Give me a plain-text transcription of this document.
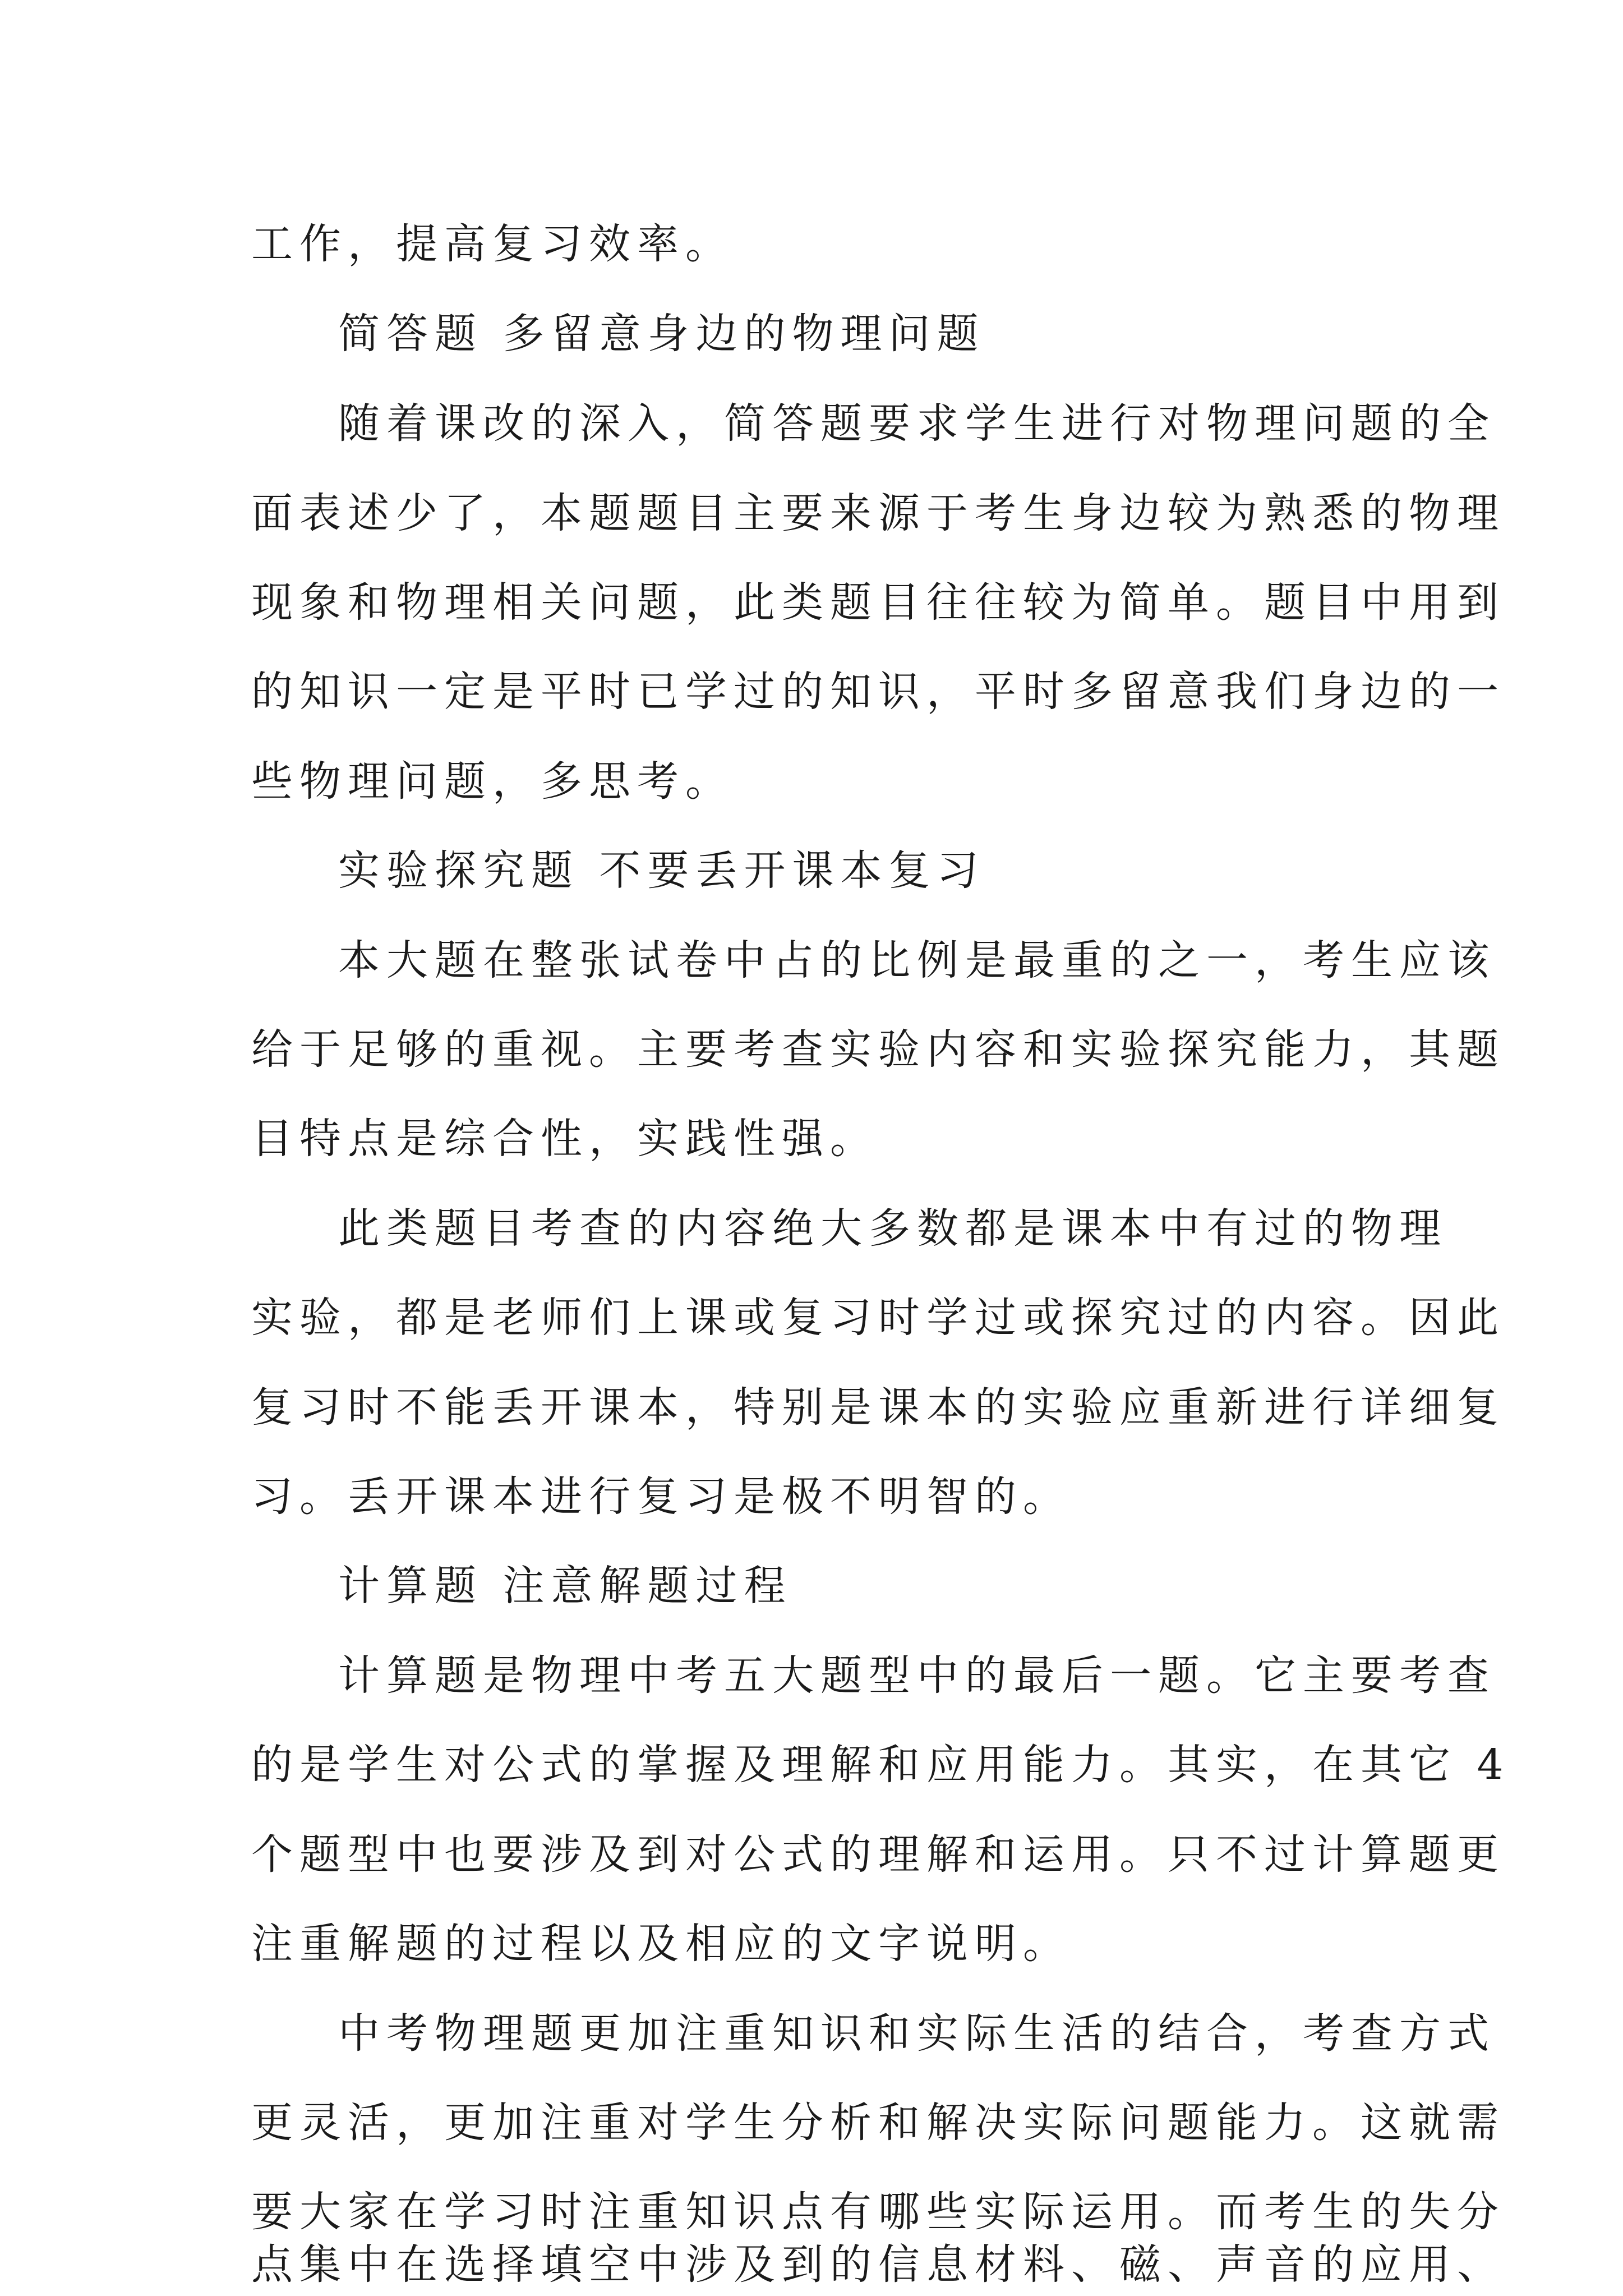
工作，提高复习效率。
简答题 多留意身边的物理问题
随着课改的深入，简答题要求学生进行对物理问题的全
面表述少了，本题题目主要来源于考生身边较为熟悉的物理
现象和物理相关问题，此类题目往往较为简单。题目中用到
的知识一定是平时已学过的知识，平时多留意我们身边的一
些物理问题，多思考。
实验探究题 不要丢开课本复习
本大题在整张试卷中占的比例是最重的之一，考生应该
给于足够的重视。主要考查实验内容和实验探究能力，其题
目特点是综合性，实践性强。
此类题目考查的内容绝大多数都是课本中有过的物理
实验，都是老师们上课或复习时学过或探究过的内容。因此
复习时不能丢开课本，特别是课本的实验应重新进行详细复
习。丢开课本进行复习是极不明智的。
计算题 注意解题过程
计算题是物理中考五大题型中的最后一题。它主要考查
的是学生对公式的掌握及理解和应用能力。其实，在其它 4
个题型中也要涉及到对公式的理解和运用。只不过计算题更
注重解题的过程以及相应的文字说明。
中考物理题更加注重知识和实际生活的结合，考查方式
更灵活，更加注重对学生分析和解决实际问题能力。这就需
要大家在学习时注重知识点有哪些实际运用。而考生的失分
点集中在选择填空中涉及到的信息材料、磁、声音的应用、
